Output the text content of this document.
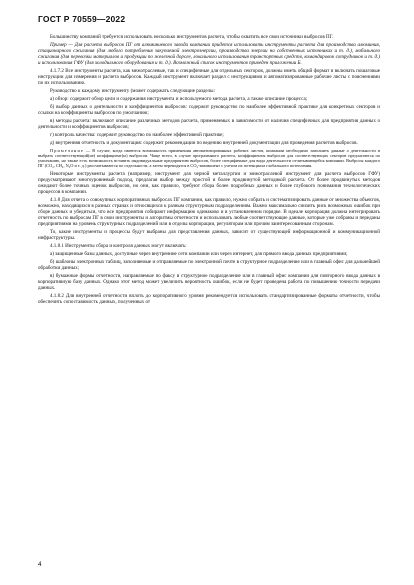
ГОСТ Р 70559—2022

Большинству компаний требуется использовать несколько инструментов расчета, чтобы охватить все свои источники выбросов ПГ.

Пример — Для расчета выбросов ПГ от алюминиевого завода компании придется использовать инструменты расчета для производства алюминия, стационарного сжигания (для любого потребления закупаемой электроэнергии, производства энергии на собственных источниках и т. д.), мобильного сжигания (для перевозки материалов и продукции по железной дороге, локального использования транспортных средств, командировок сотрудников и т. д.) и использования ГФУ (для холодильного оборудования и т. д.). Возможный список инструментов приведен приложении Б.

4.1.7.2 Все инструменты расчета, как межотраслевые, так и специфичные для отдельных секторов, должны иметь общий формат и включать пошаговые инструкции для измерения и расчета выбросов. Каждый инструмент включает раздел с инструкциями и автоматизированные рабочие листы с пояснениями по их использованию.

Руководство к каждому инструменту (может содержать следующие разделы:

а) обзор: содержит обзор цели и содержания инструмента и используемого метода расчета, а также описание процесса;

б) выбор данных о деятельности и коэффициентов выбросов: содержит руководство по наиболее эффективной практике для конкретных секторов и ссылки на коэффициенты выбросов по умолчанию;

в) методы расчета: включают описание различных методов расчета, применяемых в зависимости от наличия специфичных для предприятия данных о деятельности и коэффициентов выбросов;

г) контроль качества: содержит руководство по наиболее эффективной практике;

д) внутренняя отчетность и документация: содержит рекомендации по ведению внутренней документации для проведения расчетов выбросов.

Примечание — В случае, когда имеются возможность применения автоматизированных рабочих листов, компании необходимо заполнить данные о деятельности и выбрать соответствующий(ие) коэффициент(ы) выбросов. Чаще всего, в случае программного расчета, коэффициенты выбросов для соответствующих секторов предлагаются по умолчанию, но также есть возможность вставить индивидуальные предприятию выбросов, более специфичные для вида деятельности отчитывающейся компании. Выбросы каждого ПГ (CO₂, CH₄, N₂O и т. д.) рассчитываются по отдельности, а затем переводятся в CO₂-эквивалент с учетом их потенциала глобального потепления.

Некоторые инструменты расчета (например, инструмент для черной металлургии и межотраслевой инструмент для расчета выбросов ГФУ) предусматривают многоуровневый подход, предлагая выбор между простой и более продвинутой методикой расчета. От более продвинутых методов ожидают более точных оценок выбросов, но они, как правило, требуют сбора более подробных данных и более глубокого понимания технологических процессов в компании.

4.1.8 Для отчета о совокупных корпоративных выбросах ПГ компании, как правило, нужно собрать и систематизировать данные от множества объектов, возможно, находящихся в разных странах и относящихся к разным структурным подразделениям. Важно максимально снизить риск возможных ошибок при сборе данных и убедиться, что все предприятия собирают информацию одинаково и в установленном порядке. В идеале корпорация должна интегрировать отчетность по выбросам ПГ в свои инструменты и алгоритмы отчетности и использовать любые соответствующие данные, которые уже собраны и переданы предприятиями на уровень структурных подразделений или в отделы корпорации, регуляторам или прочим заинтересованным сторонам.

То, какие инструменты и процессы будут выбраны для представления данных, зависит от существующей информационной и коммуникационной инфраструктуры.

4.1.8.1 Инструменты сбора и контроля данных могут включать:

а) защищенные базы данных, доступные через внутренние сети компании или через интернет, для прямого ввода данных предприятиями;

б) шаблоны электронных таблиц, заполняемые и отправляемые по электронной почте в структурное подразделение или в главный офис для дальнейшей обработки данных;

в) бумажные формы отчетности, направляемые по факсу в структурное подразделение или в главный офис компании для повторного ввода данных в корпоративную базу данных. Однако этот метод может увеличить вероятность ошибок, если не будет проведена работа по повышению точности передачи данных.

4.1.8.2 Для внутренней отчетности вплоть до корпоративного уровня рекомендуется использовать стандартизированные форматы отчетности, чтобы обеспечить сопоставимость данных, полученных от

4
